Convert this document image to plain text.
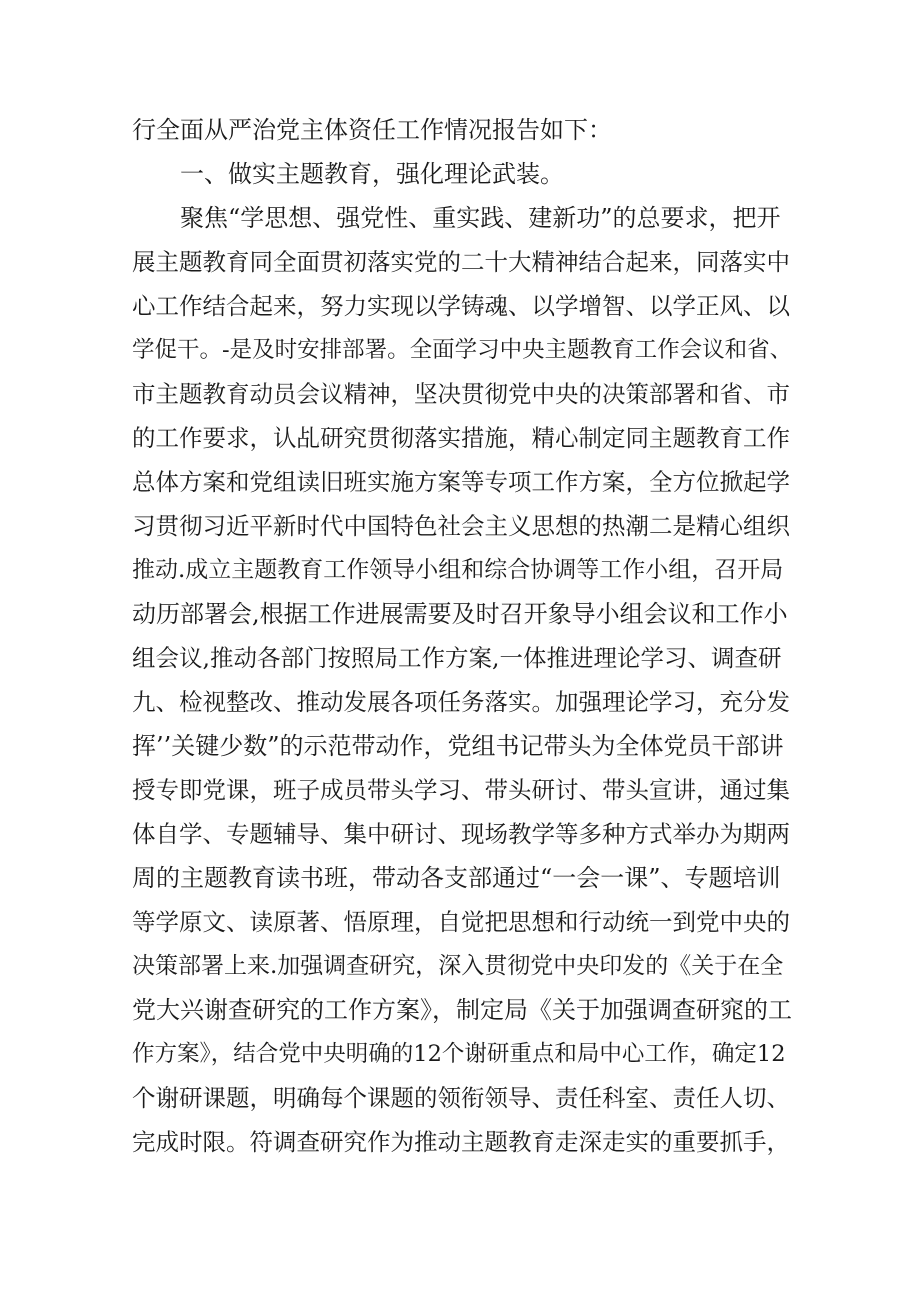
行全面从严治党主体资任工作情况报告如下：
一、做实主题教育，强化理论武装。
聚焦“学思想、强党性、重实践、建新功”的总要求，把开
展主题教育同全面贯初落实党的二十大精神结合起来，同落实中
心工作结合起来，努力实现以学铸魂、以学增智、以学正风、以
学促干。-是及时安排部署。全面学习中央主题教育工作会议和省、
市主题教育动员会议精神，坚决贯彻党中央的决策部署和省、市
的工作要求，认乩研究贯彻落实措施，精心制定同主题教育工作
总体方案和党组读旧班实施方案等专项工作方案，全方位掀起学
习贯彻习近平新时代中国特色社会主义思想的热潮二是精心组织
推动.成立主题教育工作领导小组和综合协调等工作小组，召开局
动历部署会,根据工作进展需要及时召开象导小组会议和工作小
组会议,推动各部门按照局工作方案,一体推进理论学习、调查研
九、检视整改、推动发展各项任务落实。加强理论学习，充分发
挥’’关键少数”的示范带动作，党组书记带头为全体党员干部讲
授专即党课，班子成员带头学习、带头研讨、带头宣讲，通过集
体自学、专题辅导、集中研讨、现场教学等多种方式举办为期两
周的主题教育读书班，带动各支部通过“一会一课”、专题培训
等学原文、读原著、悟原理，自觉把思想和行动统一到党中央的
决策部署上来.加强调查研究，深入贯彻党中央印发的《关于在全
党大兴谢查研究的工作方案》，制定局《关于加强调查研窕的工
作方案》，结合党中央明确的12个谢研重点和局中心工作，确定12
个谢研课题，明确每个课题的领衔领导、责任科室、责任人切、
完成时限。符调查研究作为推动主题教育走深走实的重要抓手，
